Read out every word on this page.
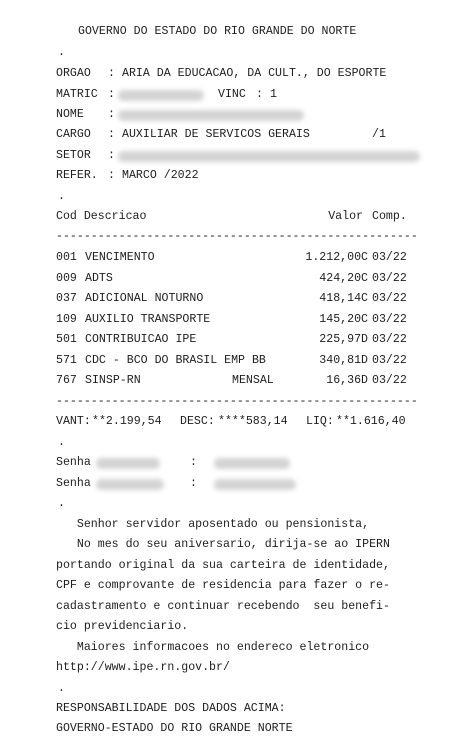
GOVERNO DO ESTADO DO RIO GRANDE DO NORTE
.
ORGAO : ARIA DA EDUCACAO, DA CULT., DO ESPORTE
MATRIC :	VINC : 1
NOME :
CARGO : AUXILIAR DE SERVICOS GERAIS	/1
SETOR :
REFER. : MARCO /2022
.
Cod Descricao	Valor Comp.
----------------------------------------------------
001 VENCIMENTO	1.212,00C 03/22
009 ADTS	424,20C 03/22
037 ADICIONAL NOTURNO	418,14C 03/22
109 AUXILIO TRANSPORTE	145,20C 03/22
501 CONTRIBUICAO IPE	225,97D 03/22
571 CDC - BCO DO BRASIL EMP BB	340,81D 03/22
767 SINSP-RN	MENSAL	16,36D 03/22
----------------------------------------------------
VANT: **2.199,54 DESC: ****583,14 LIQ: **1.616,40
.
Senha	:
Senha	:
.
Senhor servidor aposentado ou pensionista,
No mes do seu aniversario, dirija-se ao IPERN
portando original da sua carteira de identidade,
CPF e comprovante de residencia para fazer o re-
cadastramento e continuar recebendo  seu benefi-
cio previdenciario.
Maiores informacoes no endereco eletronico
http://www.ipe.rn.gov.br/
.
RESPONSABILIDADE DOS DADOS ACIMA:
GOVERNO-ESTADO DO RIO GRANDE NORTE
